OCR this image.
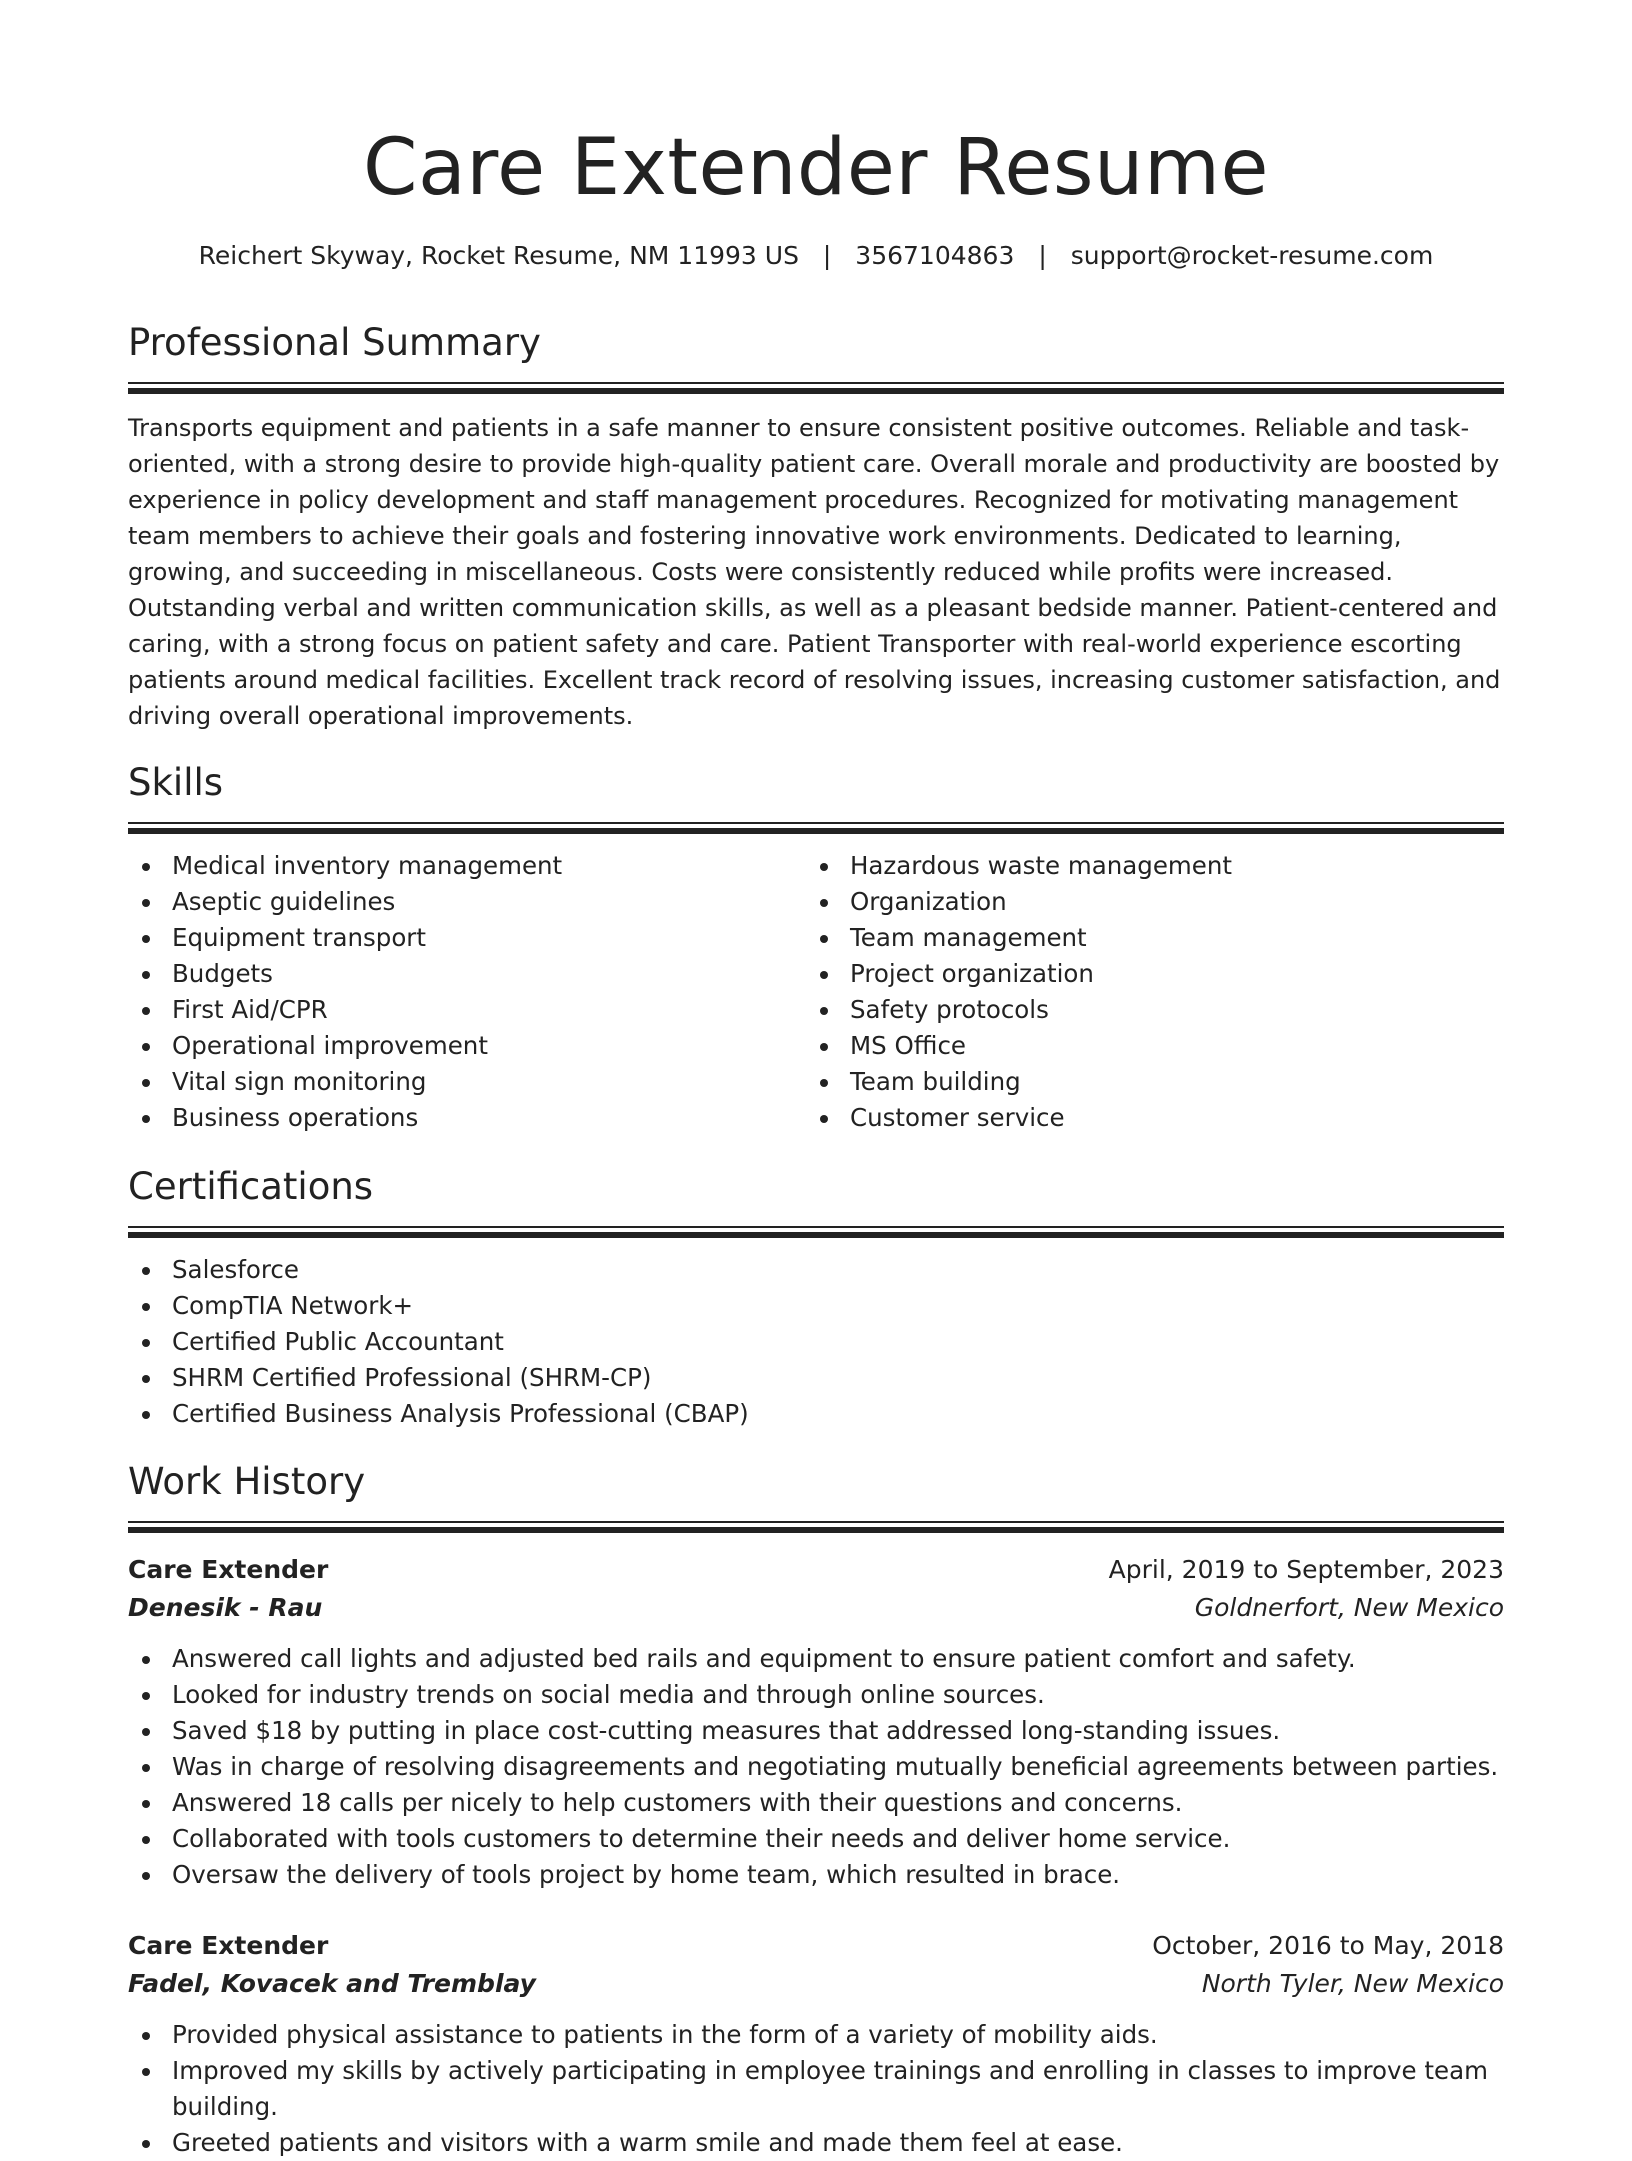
Care Extender Resume
Reichert Skyway, Rocket Resume, NM 11993 US | 3567104863 | support@rocket-resume.com
Professional Summary

Transports equipment and patients in a safe manner to ensure consistent positive outcomes. Reliable and task-oriented, with a strong desire to provide high-quality patient care. Overall morale and productivity are boosted by experience in policy development and staff management procedures. Recognized for motivating management team members to achieve their goals and fostering innovative work environments. Dedicated to learning, growing, and succeeding in miscellaneous. Costs were consistently reduced while profits were increased. Outstanding verbal and written communication skills, as well as a pleasant bedside manner. Patient-centered and caring, with a strong focus on patient safety and care. Patient Transporter with real-world experience escorting patients around medical facilities. Excellent track record of resolving issues, increasing customer satisfaction, and driving overall operational improvements.

Skills
Medical inventory management
Aseptic guidelines
Equipment transport
Budgets
First Aid/CPR
Operational improvement
Vital sign monitoring
Business operations
Hazardous waste management
Organization
Team management
Project organization
Safety protocols
MS Office
Team building
Customer service
Certifications
Salesforce
CompTIA Network+
Certified Public Accountant
SHRM Certified Professional (SHRM-CP)
Certified Business Analysis Professional (CBAP)
Work History
Care Extender	April, 2019 to September, 2023
Denesik - Rau	Goldnerfort, New Mexico
Answered call lights and adjusted bed rails and equipment to ensure patient comfort and safety.
Looked for industry trends on social media and through online sources.
Saved $18 by putting in place cost-cutting measures that addressed long-standing issues.
Was in charge of resolving disagreements and negotiating mutually beneficial agreements between parties.
Answered 18 calls per nicely to help customers with their questions and concerns.
Collaborated with tools customers to determine their needs and deliver home service.
Oversaw the delivery of tools project by home team, which resulted in brace.
Care Extender	October, 2016 to May, 2018
Fadel, Kovacek and Tremblay	North Tyler, New Mexico
Provided physical assistance to patients in the form of a variety of mobility aids.
Improved my skills by actively participating in employee trainings and enrolling in classes to improve team building.
Greeted patients and visitors with a warm smile and made them feel at ease.
